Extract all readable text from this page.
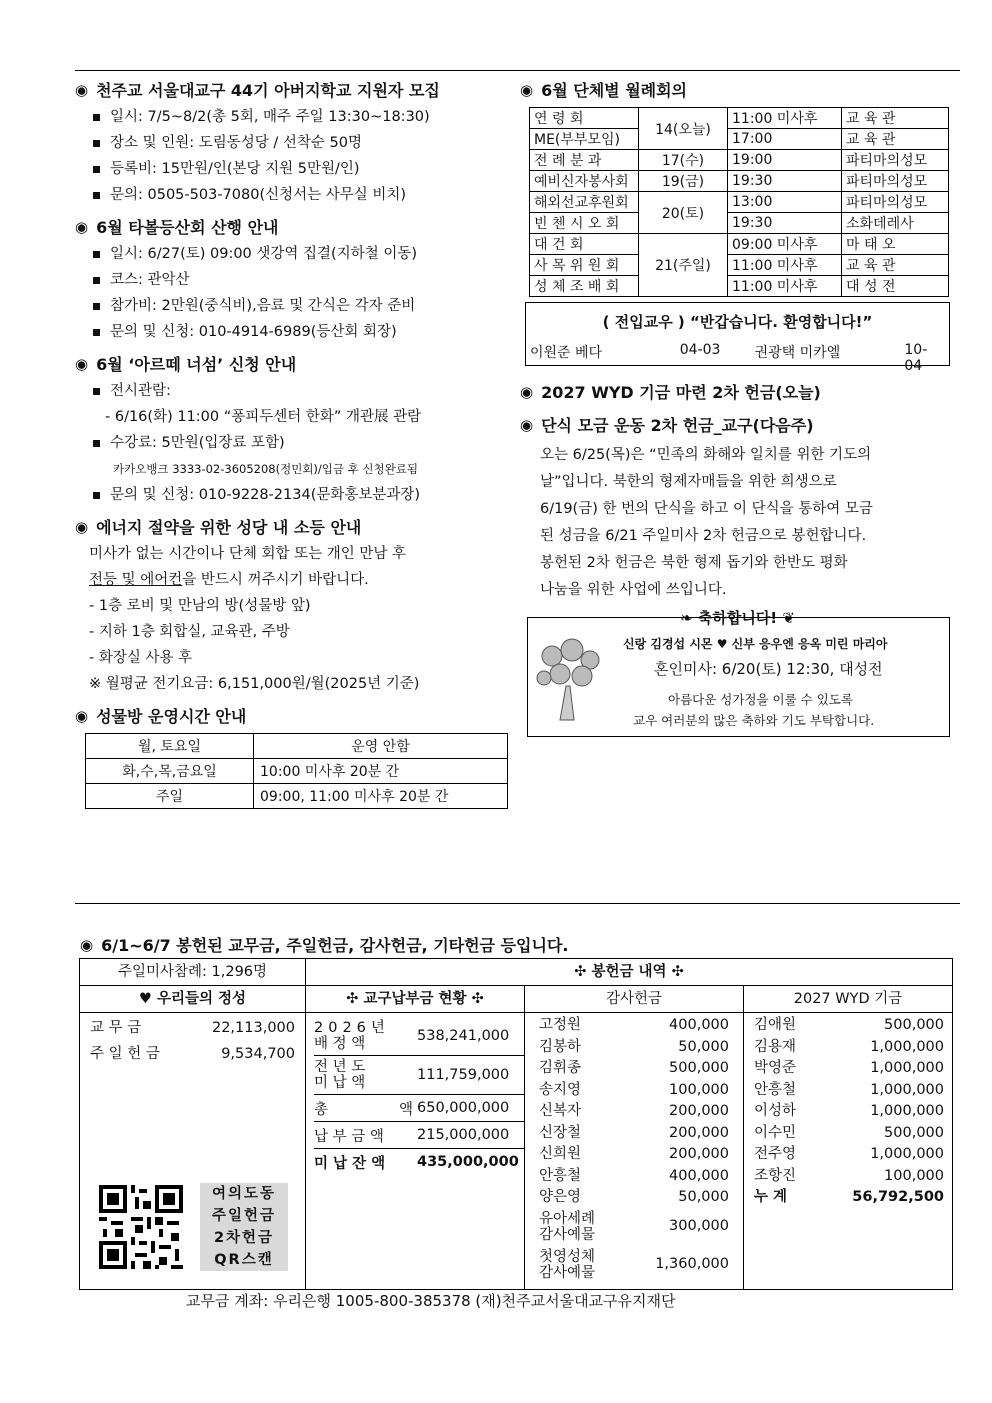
◉ 천주교 서울대교구 44기 아버지학교 지원자 모집
일시: 7/5~8/2(총 5회, 매주 주일 13:30~18:30)
장소 및 인원: 도림동성당 / 선착순 50명
등록비: 15만원/인(본당 지원 5만원/인)
문의: 0505-503-7080(신청서는 사무실 비치)
◉ 6월 타볼등산회 산행 안내
일시: 6/27(토) 09:00 샛강역 집결(지하철 이동)
코스: 관악산
참가비: 2만원(중식비),음료 및 간식은 각자 준비
문의 및 신청: 010-4914-6989(등산회 회장)
◉ 6월 ‘아르떼 너섬’ 신청 안내
전시관람:
- 6/16(화) 11:00 “퐁피두센터 한화” 개관展 관람
수강료: 5만원(입장료 포함)
카카오뱅크 3333-02-3605208(정민회)/입금 후 신청완료됨
문의 및 신청: 010-9228-2134(문화홍보분과장)
◉ 에너지 절약을 위한 성당 내 소등 안내
미사가 없는 시간이나 단체 회합 또는 개인 만남 후
전등 및 에어컨을 반드시 꺼주시기 바랍니다.
- 1층 로비 및 만남의 방(성물방 앞)
- 지하 1층 회합실, 교육관, 주방
- 화장실 사용 후
※ 월평균 전기요금: 6,151,000원/월(2025년 기준)
◉ 성물방 운영시간 안내
월, 토요일	운영 안함
화,수,목,금요일	10:00 미사후 20분 간
주일	09:00, 11:00 미사후 20분 간
◉ 6월 단체별 월례회의
연 령 회	14(오늘)	11:00 미사후	교 육 관
ME(부부모임)		17:00	교 육 관
전 례 분 과	17(수)	19:00	파티마의성모
예비신자봉사회	19(금)	19:30	파티마의성모
해외선교후원회	20(토)	13:00	파티마의성모
빈 첸 시 오 회		19:30	소화데레사
대 건 회	21(주일)	09:00 미사후	마 태 오
사 목 위 원 회		11:00 미사후	교 육 관
성 체 조 배 회		11:00 미사후	대 성 전
( 전입교우 ) “반갑습니다. 환영합니다!”
이원준 베다	04-03	권광택 미카엘	10-04
◉ 2027 WYD 기금 마련 2차 헌금(오늘)
◉ 단식 모금 운동 2차 헌금_교구(다음주)
오는 6/25(목)은 “민족의 화해와 일치를 위한 기도의
날”입니다. 북한의 형제자매들을 위한 희생으로
6/19(금) 한 번의 단식을 하고 이 단식을 통하여 모금
된 성금을 6/21 주일미사 2차 헌금으로 봉헌합니다.
봉헌된 2차 헌금은 북한 형제 돕기와 한반도 평화
나눔을 위한 사업에 쓰입니다.
❧ 축하합니다! ❦
신랑 김경섭 시몬 ♥ 신부 응우엔 응옥 미린 마리아
혼인미사: 6/20(토) 12:30, 대성전
아름다운 성가정을 이룰 수 있도록
교우 여러분의 많은 축하와 기도 부탁합니다.
◉ 6/1~6/7 봉헌된 교무금, 주일헌금, 감사헌금, 기타헌금 등입니다.
주일미사참례: 1,296명	✣ 봉헌금 내역 ✣
♥ 우리들의 정성
교 무 금	22,113,000
주 일 헌 금	9,534,700
여의도동
주일헌금
2차헌금
QR스캔
✣ 교구납부금 현황 ✣
2026년
배 정 액	538,241,000
전 년 도
미 납 액	111,759,000
총	액 650,000,000
납 부 금 액	215,000,000
미 납 잔 액	435,000,000
감사헌금
고정원	400,000
김봉하	50,000
김휘종	500,000
송지영	100,000
신복자	200,000
신장철	200,000
신희원	200,000
안흥철	400,000
양은영	50,000
유아세례
감사예물
300,000
첫영성체
감사예물
1,360,000
2027 WYD 기금
김애원	500,000
김용재	1,000,000
박영준	1,000,000
안흥철	1,000,000
이성하	1,000,000
이수민	500,000
전주영	1,000,000
조항진	100,000
누 계	56,792,500
교무금 계좌: 우리은행 1005-800-385378 (재)천주교서울대교구유지재단
